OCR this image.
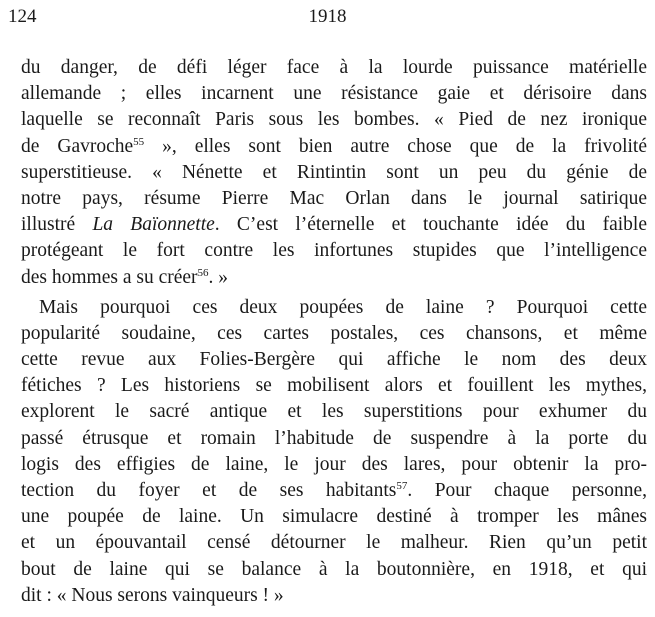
124	1918
du danger, de défi léger face à la lourde puissance matérielle
allemande ; elles incarnent une résistance gaie et dérisoire dans
laquelle se reconnaît Paris sous les bombes. « Pied de nez ironique
de Gavroche$^{55}$ », elles sont bien autre chose que de la frivolité
superstitieuse. « Nénette et Rintintin sont un peu du génie de
notre pays, résume Pierre Mac Orlan dans le journal satirique
illustré La Baïonnette. C’est l’éternelle et touchante idée du faible
protégeant le fort contre les infortunes stupides que l’intelligence
des hommes a su créer$^{56}$. »
Mais pourquoi ces deux poupées de laine ? Pourquoi cette
popularité soudaine, ces cartes postales, ces chansons, et même
cette revue aux Folies-Bergère qui affiche le nom des deux
fétiches ? Les historiens se mobilisent alors et fouillent les mythes,
explorent le sacré antique et les superstitions pour exhumer du
passé étrusque et romain l’habitude de suspendre à la porte du
logis des effigies de laine, le jour des lares, pour obtenir la pro-
tection du foyer et de ses habitants$^{57}$. Pour chaque personne,
une poupée de laine. Un simulacre destiné à tromper les mânes
et un épouvantail censé détourner le malheur. Rien qu’un petit
bout de laine qui se balance à la boutonnière, en 1918, et qui
dit : « Nous serons vainqueurs ! »
